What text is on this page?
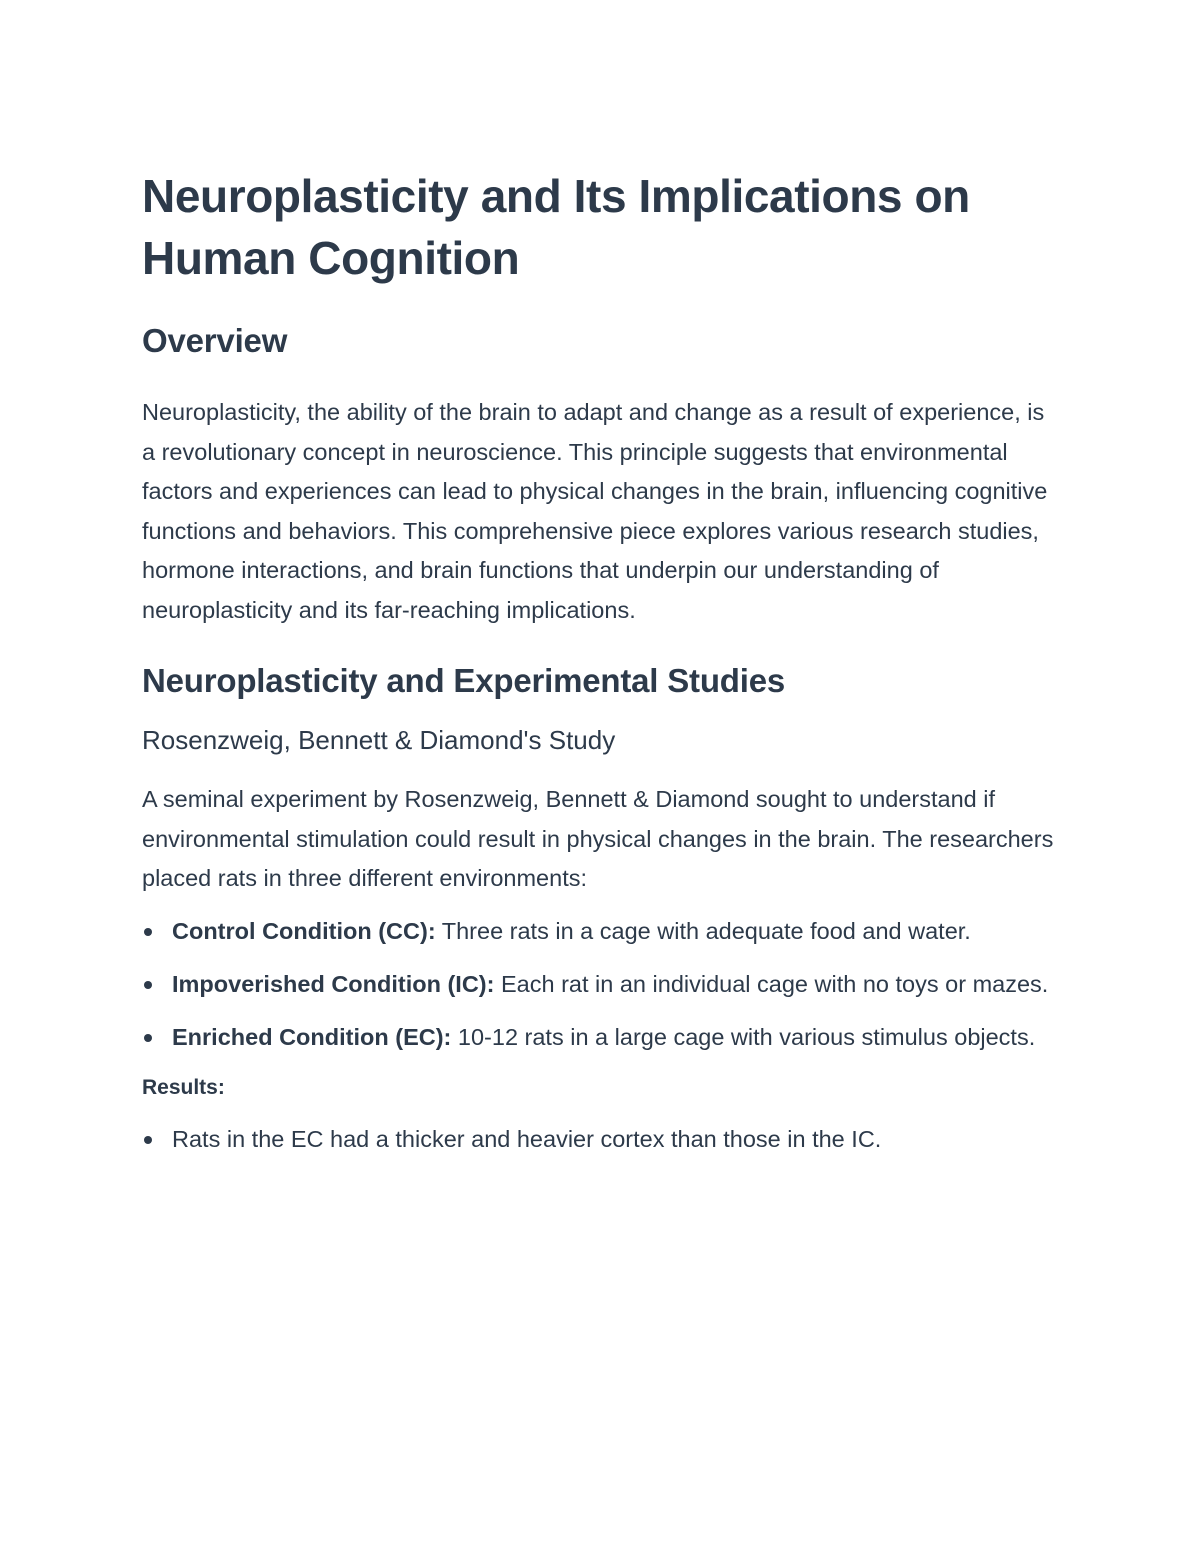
Neuroplasticity and Its Implications on Human Cognition
Overview

Neuroplasticity, the ability of the brain to adapt and change as a result of experience, is a revolutionary concept in neuroscience. This principle suggests that environmental factors and experiences can lead to physical changes in the brain, influencing cognitive functions and behaviors. This comprehensive piece explores various research studies, hormone interactions, and brain functions that underpin our understanding of neuroplasticity and its far-reaching implications.

Neuroplasticity and Experimental Studies
Rosenzweig, Bennett & Diamond's Study

A seminal experiment by Rosenzweig, Bennett & Diamond sought to understand if environmental stimulation could result in physical changes in the brain. The researchers placed rats in three different environments:

Control Condition (CC): Three rats in a cage with adequate food and water.
Impoverished Condition (IC): Each rat in an individual cage with no toys or mazes.
Enriched Condition (EC): 10-12 rats in a large cage with various stimulus objects.

Results:

Rats in the EC had a thicker and heavier cortex than those in the IC.
